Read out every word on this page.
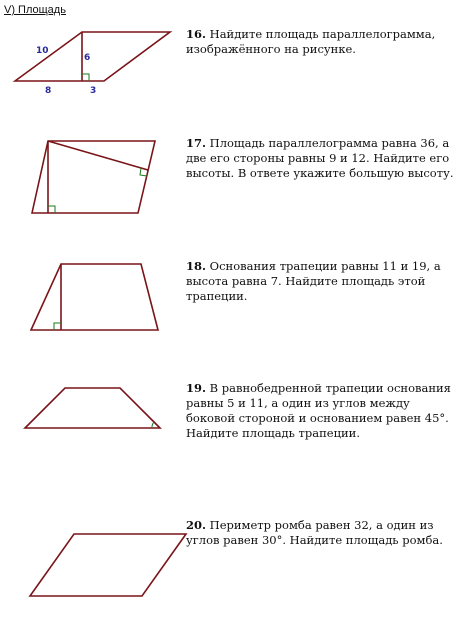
V) Площадь
10
6
8	3
16. Найдите площадь параллелограмма, изображённого на рисунке.
17. Площадь параллелограмма равна 36, а две его стороны равны 9 и 12. Найдите его высоты. В ответе укажите большую высоту.
18. Основания трапеции равны 11 и 19, а высота равна 7. Найдите площадь этой трапеции.
19. В равнобедренной трапеции основания равны 5 и 11, а один из углов между боковой стороной и основанием равен 45°. Найдите площадь трапеции.
20. Периметр ромба равен 32, а один из углов равен 30°. Найдите площадь ромба.
